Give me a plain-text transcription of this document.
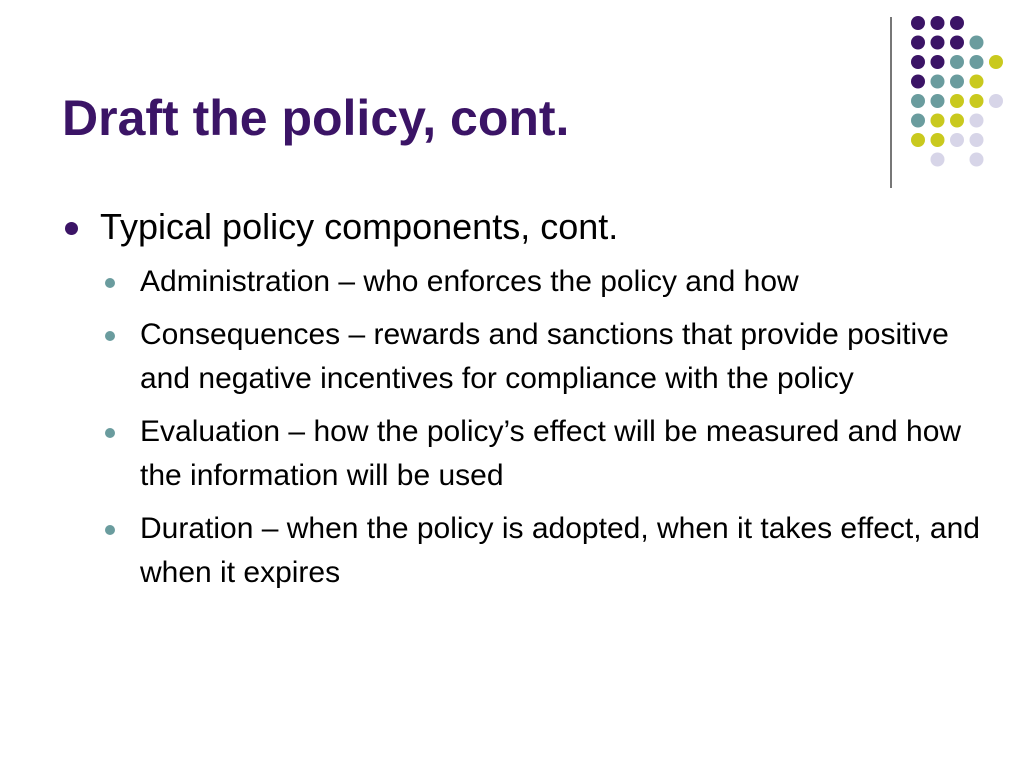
Draft the policy, cont.
Typical policy components, cont.
Administration – who enforces the policy and how
Consequences – rewards and sanctions that provide positive and negative incentives for compliance with the policy
Evaluation – how the policy’s effect will be measured and how the information will be used
Duration – when the policy is adopted, when it takes effect, and when it expires
